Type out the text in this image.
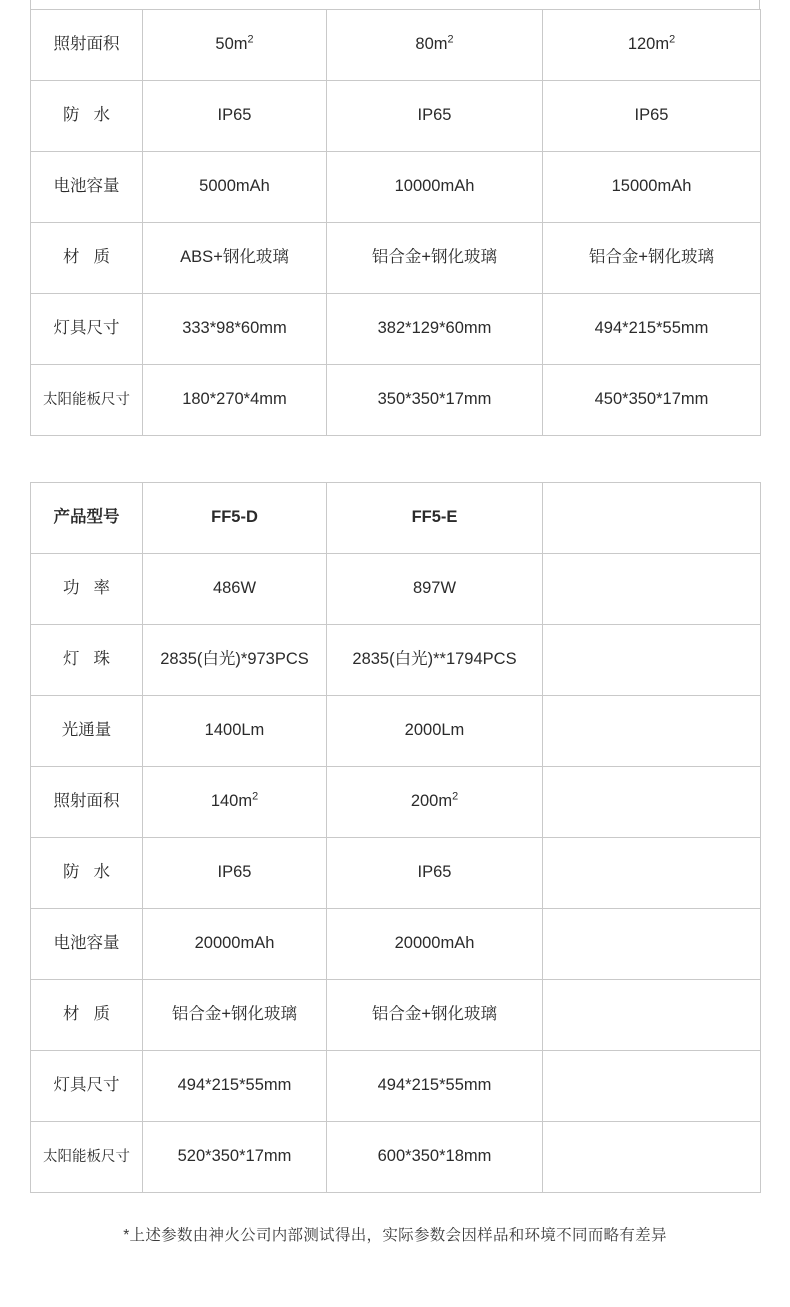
照射面积	$50m^2$	$80m^2$	$120m^2$
防水	IP65	IP65	IP65
电池容量	5000mAh	10000mAh	15000mAh
材质	ABS+钢化玻璃	铝合金+钢化玻璃	铝合金+钢化玻璃
灯具尺寸	333*98*60mm	382*129*60mm	494*215*55mm
太阳能板尺寸	180*270*4mm	350*350*17mm	450*350*17mm
产品型号	FF5-D	FF5-E	
功率	486W	897W	
灯珠	2835(白光)*973PCS	2835(白光)**1794PCS	
光通量	1400Lm	2000Lm	
照射面积	$140m^2$	$200m^2$	
防水	IP65	IP65	
电池容量	20000mAh	20000mAh	
材质	铝合金+钢化玻璃	铝合金+钢化玻璃	
灯具尺寸	494*215*55mm	494*215*55mm	
太阳能板尺寸	520*350*17mm	600*350*18mm	
*上述参数由神火公司内部测试得出，实际参数会因样品和环境不同而略有差异
